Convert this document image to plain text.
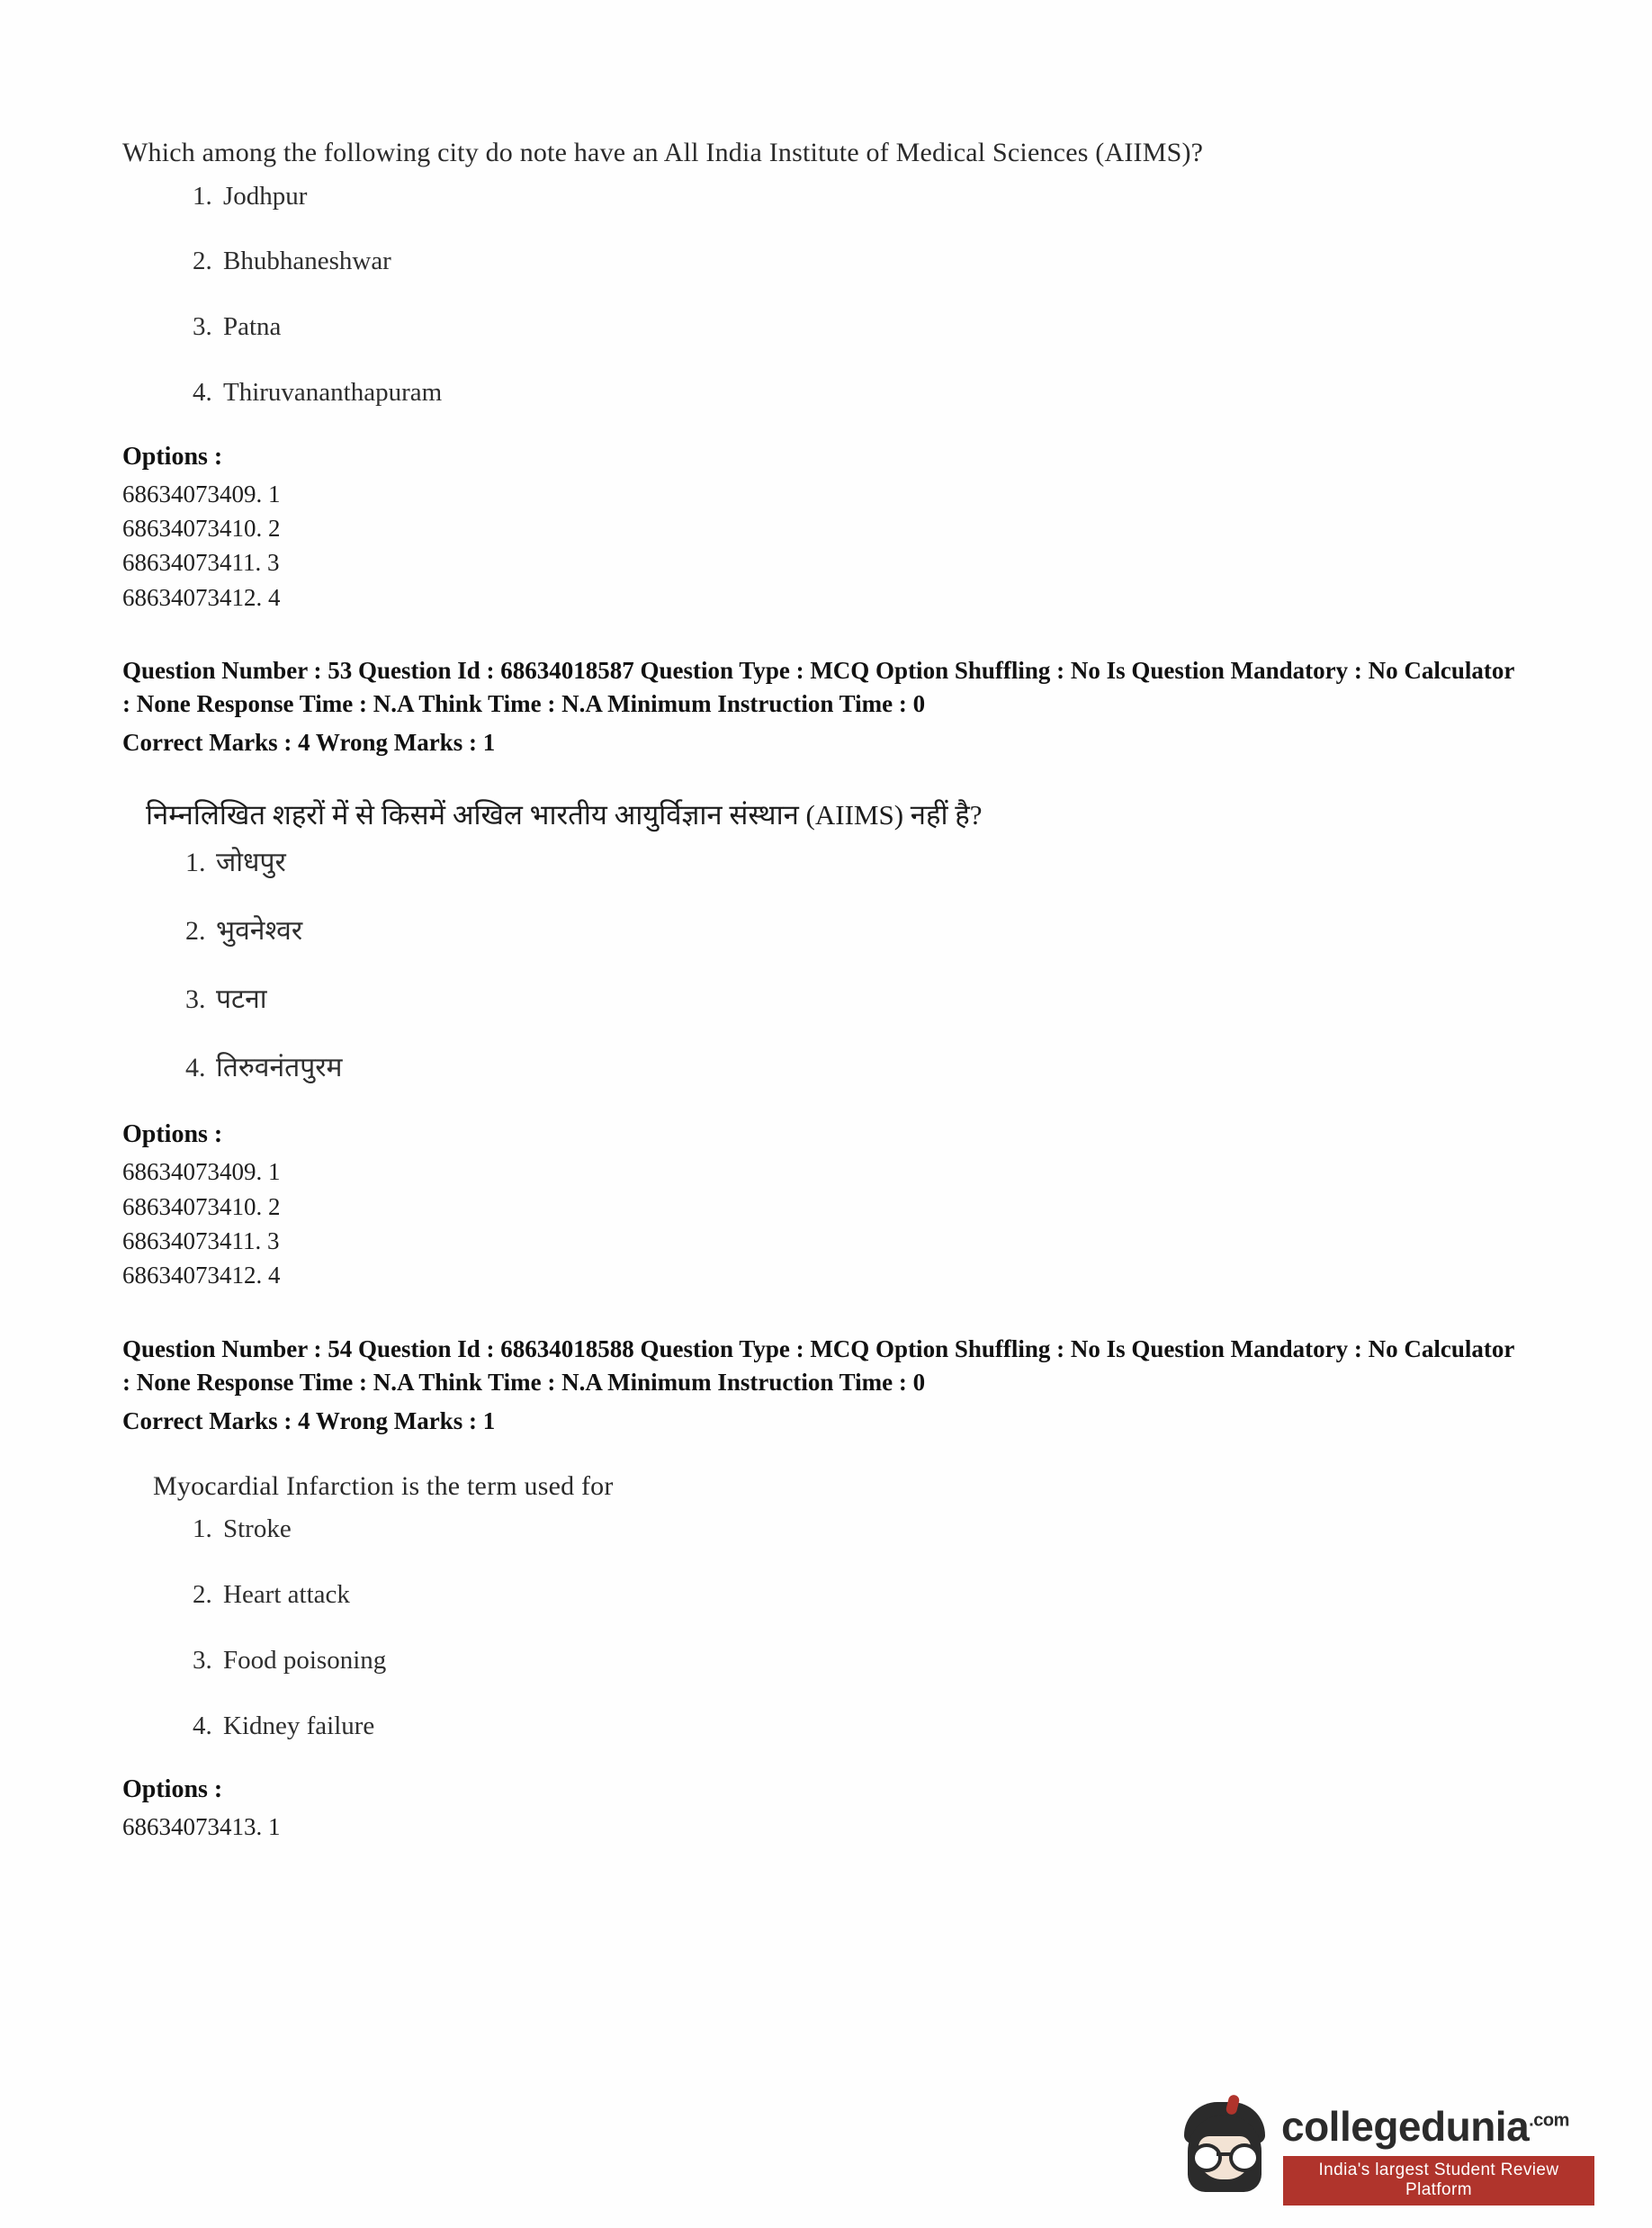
Which among the following city do note have an All India Institute of Medical Sciences (AIIMS)?

1. Jodhpur
2. Bhubhaneshwar
3. Patna
4. Thiruvananthapuram
Options :
68634073409. 1
68634073410. 2
68634073411. 3
68634073412. 4
Question Number : 53 Question Id : 68634018587 Question Type : MCQ Option Shuffling : No Is Question Mandatory : No Calculator : None Response Time : N.A Think Time : N.A Minimum Instruction Time : 0
Correct Marks : 4 Wrong Marks : 1

निम्नलिखित शहरों में से किसमें अखिल भारतीय आयुर्विज्ञान संस्थान (AIIMS) नहीं है?

1. जोधपुर
2. भुवनेश्वर
3. पटना
4. तिरुवनंतपुरम
Options :
68634073409. 1
68634073410. 2
68634073411. 3
68634073412. 4
Question Number : 54 Question Id : 68634018588 Question Type : MCQ Option Shuffling : No Is Question Mandatory : No Calculator : None Response Time : N.A Think Time : N.A Minimum Instruction Time : 0
Correct Marks : 4 Wrong Marks : 1

Myocardial Infarction is the term used for

1. Stroke
2. Heart attack
3. Food poisoning
4. Kidney failure
Options :
68634073413. 1
collegedunia$^{.com}$
India's largest Student Review Platform
